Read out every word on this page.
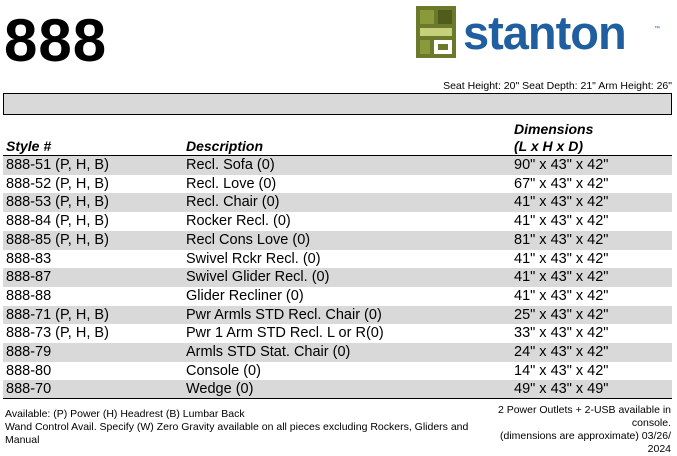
888	stanton	™
Seat Height: 20" Seat Depth: 21" Arm Height: 26"
Style #	Description	Dimensions
(L x H x D)

888-51 (P, H, B)	Recl. Sofa (0)	90" x 43" x 42"
888-52 (P, H, B)	Recl. Love (0)	67" x 43" x 42"
888-53 (P, H, B)	Recl. Chair (0)	41" x 43" x 42"
888-84 (P, H, B)	Rocker Recl. (0)	41" x 43" x 42"
888-85 (P, H, B)	Recl Cons Love (0)	81" x 43" x 42"
888-83	Swivel Rckr Recl. (0)	41" x 43" x 42"
888-87	Swivel Glider Recl. (0)	41" x 43" x 42"
888-88	Glider Recliner (0)	41" x 43" x 42"
888-71 (P, H, B)	Pwr Armls STD Recl. Chair (0)	25" x 43" x 42"
888-73 (P, H, B)	Pwr 1 Arm STD Recl. L or R(0)	33" x 43" x 42"
888-79	Armls STD Stat. Chair (0)	24" x 43" x 42"
888-80	Console (0)	14" x 43" x 42"
888-70	Wedge (0)	49" x 43" x 49"
Available: (P) Power (H) Headrest (B) Lumbar Back
Wand Control Avail. Specify (W) Zero Gravity available on all pieces excluding Rockers, Gliders and Manual
2 Power Outlets + 2-USB available in console.
(dimensions are approximate) 03/26/ 2024
